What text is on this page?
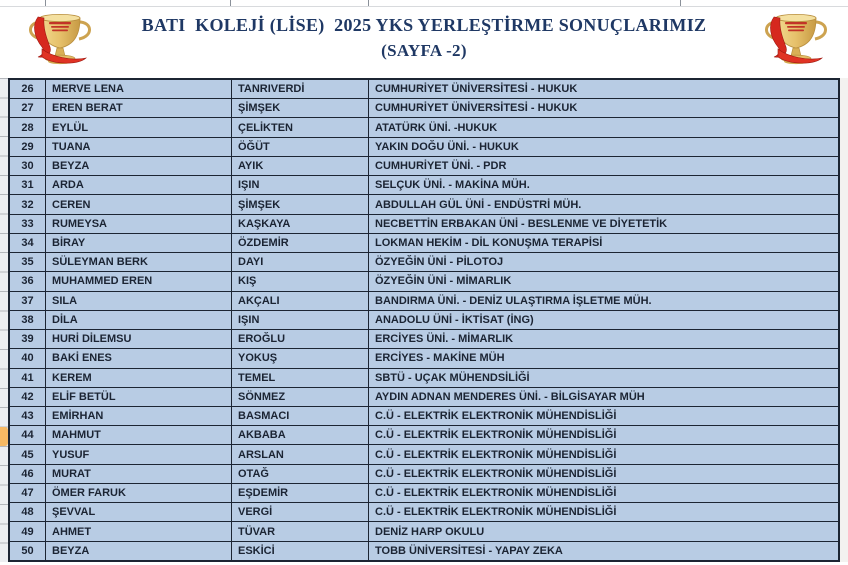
BATI  KOLEJİ (LİSE)  2025 YKS YERLEŞTİRME SONUÇLARIMIZ
(SAYFA -2)
26	MERVE LENA	TANRIVERDİ	CUMHURİYET ÜNİVERSİTESİ - HUKUK
27	EREN BERAT	ŞİMŞEK	CUMHURİYET ÜNİVERSİTESİ - HUKUK
28	EYLÜL	ÇELİKTEN	ATATÜRK ÜNİ. -HUKUK
29	TUANA	ÖĞÜT	YAKIN DOĞU ÜNİ. - HUKUK
30	BEYZA	AYIK	CUMHURİYET ÜNİ. - PDR
31	ARDA	IŞIN	SELÇUK ÜNİ. - MAKİNA MÜH.
32	CEREN	ŞİMŞEK	ABDULLAH GÜL ÜNİ - ENDÜSTRİ MÜH.
33	RUMEYSA	KAŞKAYA	NECBETTİN ERBAKAN ÜNİ - BESLENME VE DİYETETİK
34	BİRAY	ÖZDEMİR	LOKMAN HEKİM - DİL KONUŞMA TERAPİSİ
35	SÜLEYMAN BERK	DAYI	ÖZYEĞİN ÜNİ - PİLOTOJ
36	MUHAMMED EREN	KIŞ	ÖZYEĞİN ÜNİ - MİMARLIK
37	SILA	AKÇALI	BANDIRMA ÜNİ. - DENİZ ULAŞTIRMA İŞLETME MÜH.
38	DİLA	IŞIN	ANADOLU ÜNİ - İKTİSAT (İNG)
39	HURİ DİLEMSU	EROĞLU	ERCİYES ÜNİ. - MİMARLIK
40	BAKİ ENES	YOKUŞ	ERCİYES - MAKİNE MÜH
41	KEREM	TEMEL	SBTÜ - UÇAK MÜHENDSİLİĞİ
42	ELİF BETÜL	SÖNMEZ	AYDIN ADNAN MENDERES ÜNİ. - BİLGİSAYAR MÜH
43	EMİRHAN	BASMACI	C.Ü - ELEKTRİK ELEKTRONİK MÜHENDİSLİĞİ
44	MAHMUT	AKBABA	C.Ü - ELEKTRİK ELEKTRONİK MÜHENDİSLİĞİ
45	YUSUF	ARSLAN	C.Ü - ELEKTRİK ELEKTRONİK MÜHENDİSLİĞİ
46	MURAT	OTAĞ	C.Ü - ELEKTRİK ELEKTRONİK MÜHENDİSLİĞİ
47	ÖMER FARUK	EŞDEMİR	C.Ü - ELEKTRİK ELEKTRONİK MÜHENDİSLİĞİ
48	ŞEVVAL	VERGİ	C.Ü - ELEKTRİK ELEKTRONİK MÜHENDİSLİĞİ
49	AHMET	TÜVAR	DENİZ HARP OKULU
50	BEYZA	ESKİCİ	TOBB ÜNİVERSİTESİ - YAPAY ZEKA
